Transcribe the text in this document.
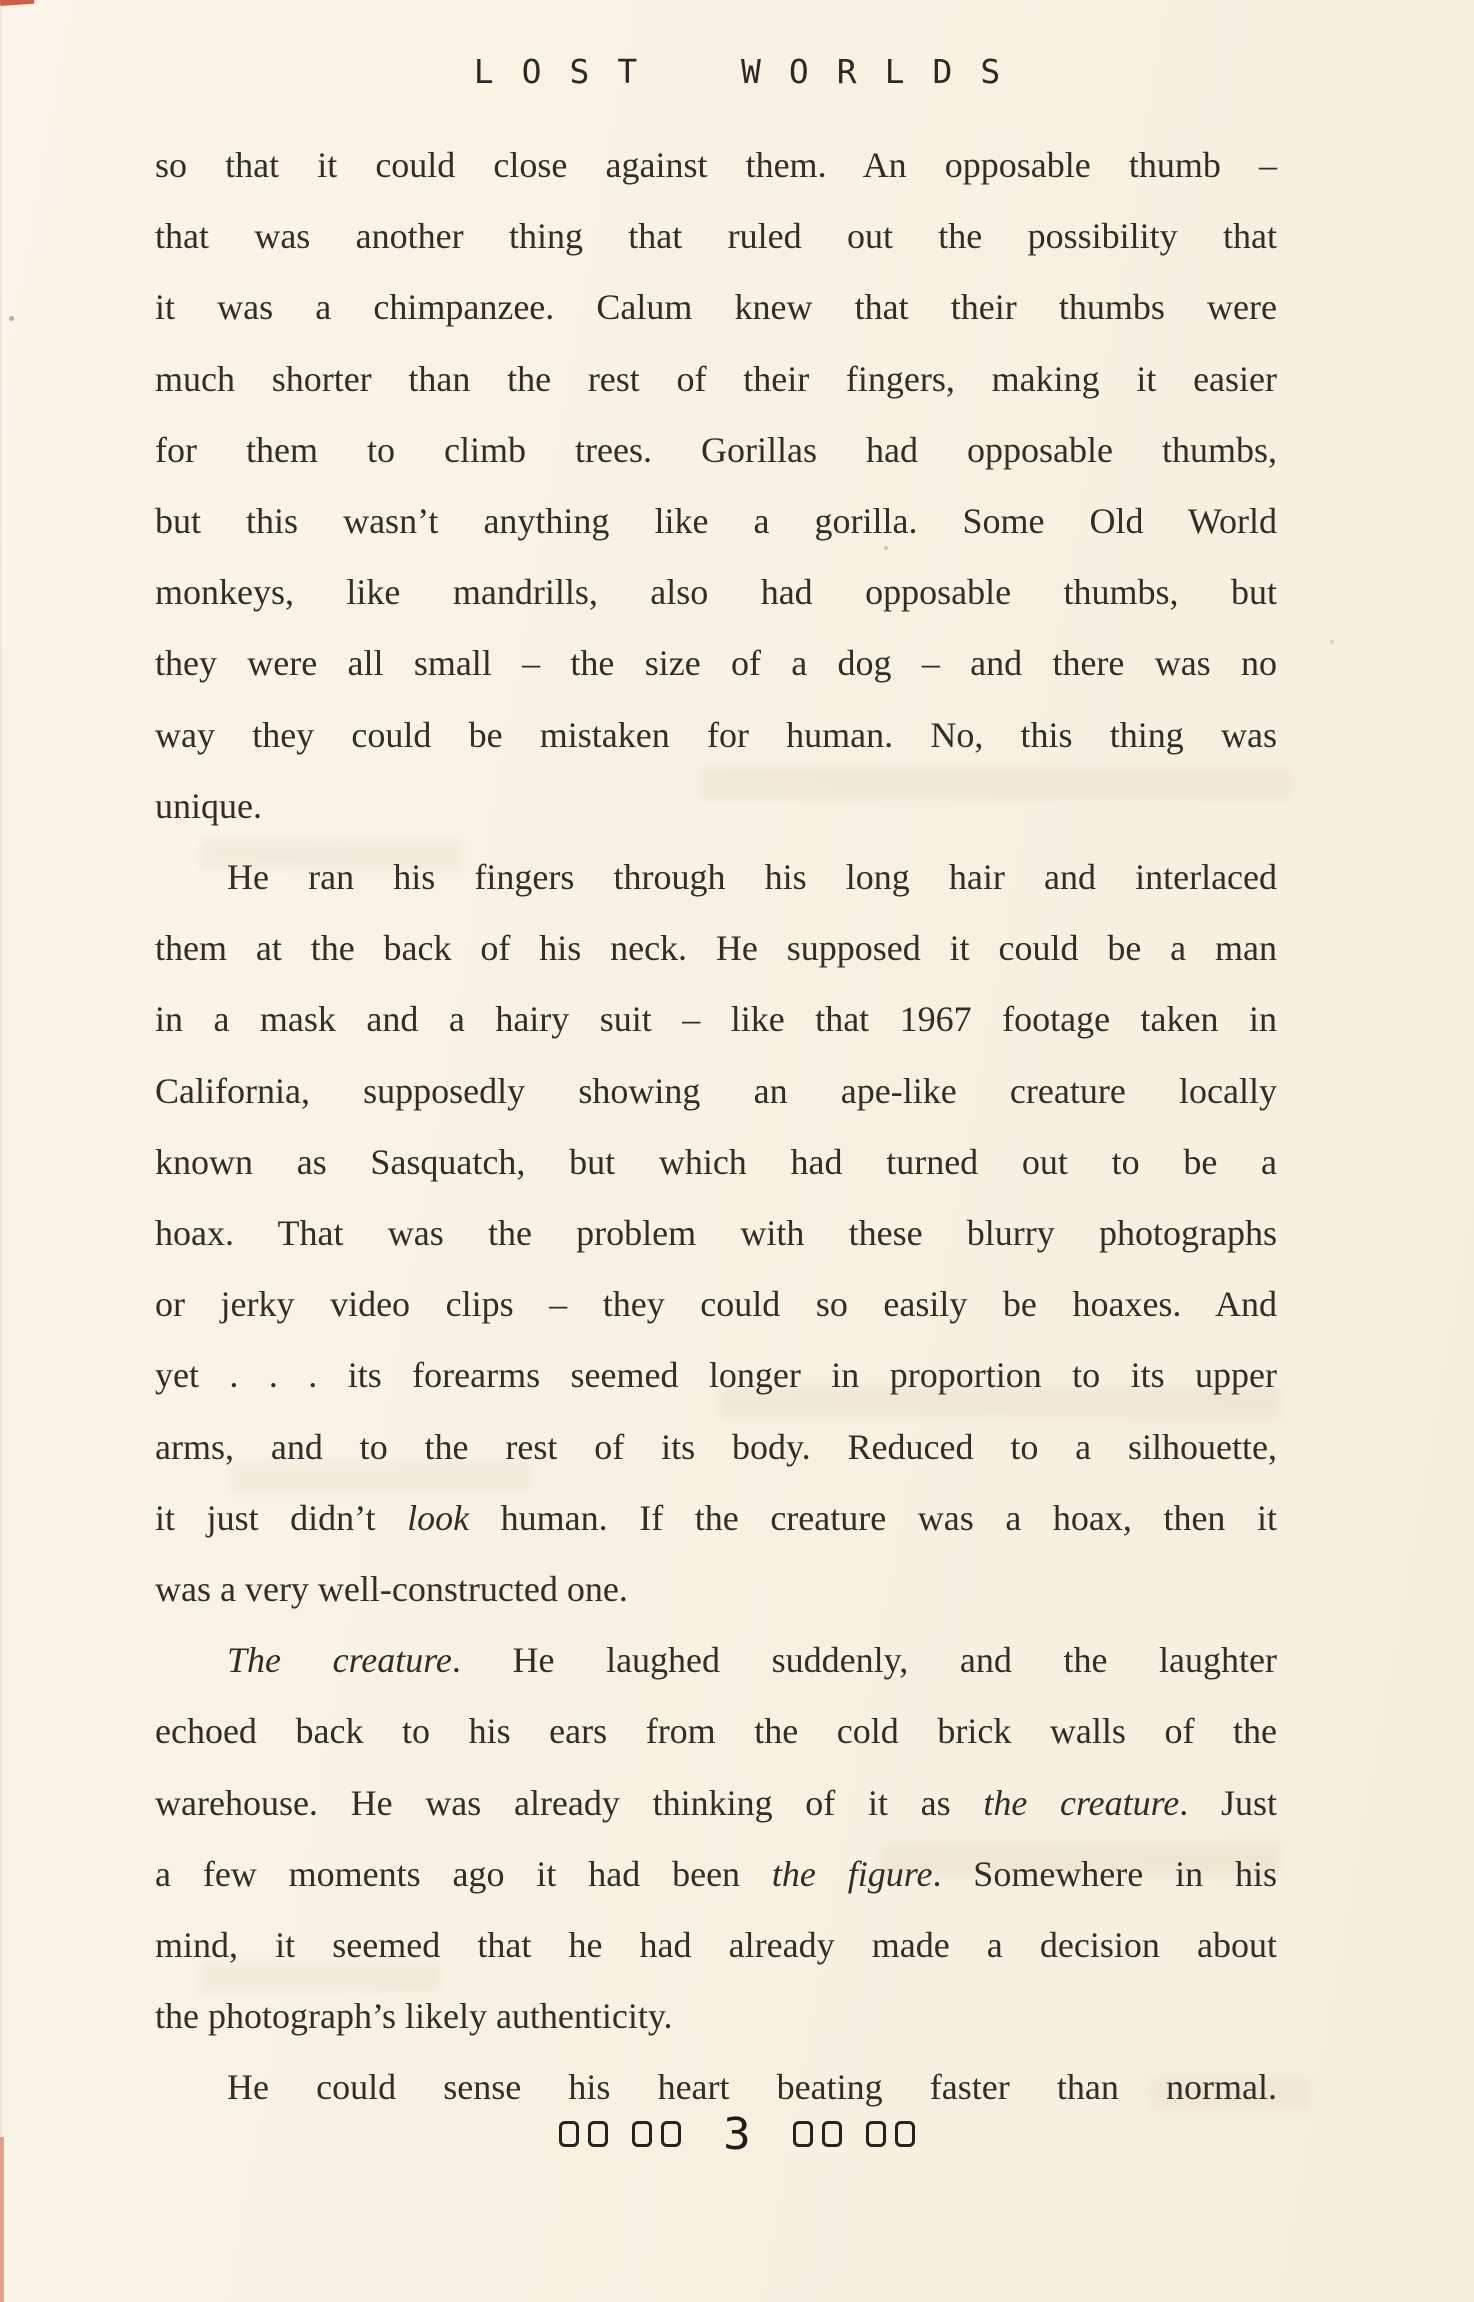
LOST WORLDS
so that it could close against them. An opposable thumb –
that was another thing that ruled out the possibility that
it was a chimpanzee. Calum knew that their thumbs were
much shorter than the rest of their fingers, making it easier
for them to climb trees. Gorillas had opposable thumbs,
but this wasn’t anything like a gorilla. Some Old World
monkeys, like mandrills, also had opposable thumbs, but
they were all small – the size of a dog – and there was no
way they could be mistaken for human. No, this thing was
unique.
He ran his fingers through his long hair and interlaced
them at the back of his neck. He supposed it could be a man
in a mask and a hairy suit – like that 1967 footage taken in
California, supposedly showing an ape-like creature locally
known as Sasquatch, but which had turned out to be a
hoax. That was the problem with these blurry photographs
or jerky video clips – they could so easily be hoaxes. And
yet . . . its forearms seemed longer in proportion to its upper
arms, and to the rest of its body. Reduced to a silhouette,
it just didn’t look human. If the creature was a hoax, then it
was a very well-constructed one.
The creature. He laughed suddenly, and the laughter
echoed back to his ears from the cold brick walls of the
warehouse. He was already thinking of it as the creature. Just
a few moments ago it had been the figure. Somewhere in his
mind, it seemed that he had already made a decision about
the photograph’s likely authenticity.
He could sense his heart beating faster than normal.
3
